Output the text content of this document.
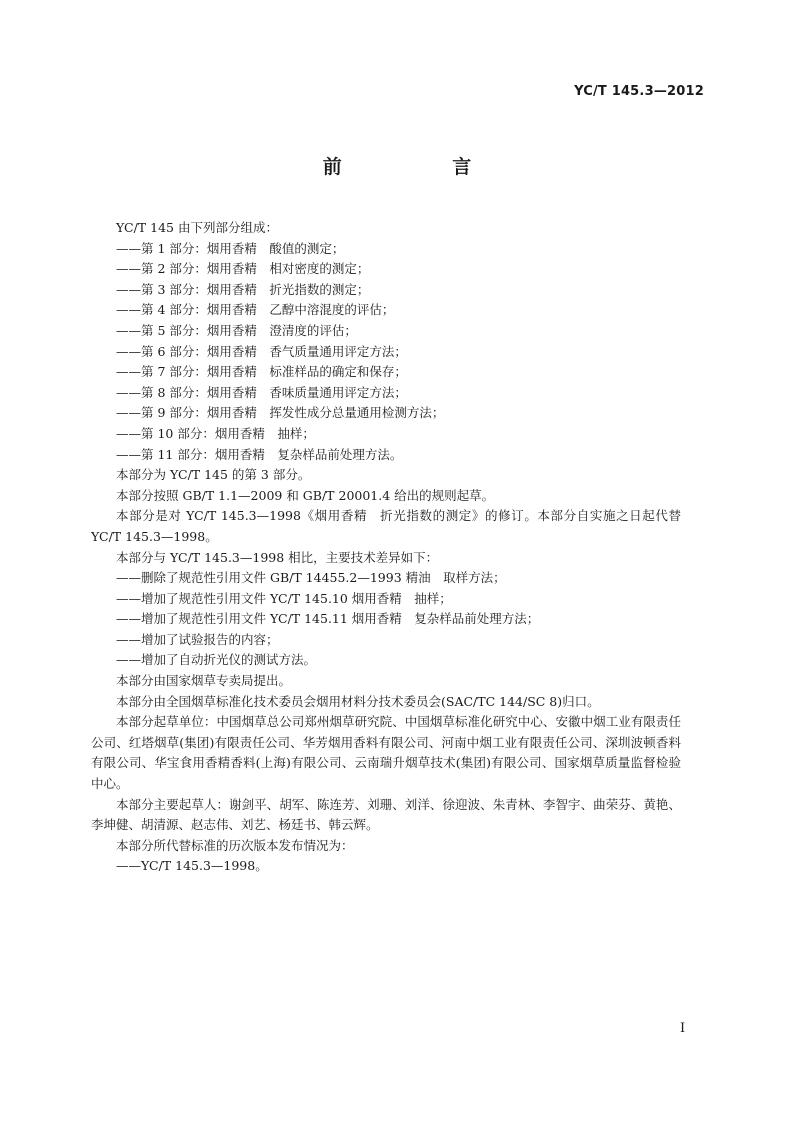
YC/T 145.3—2012
前 言

YC/T 145 由下列部分组成：

——第 1 部分：烟用香精　酸值的测定；

——第 2 部分：烟用香精　相对密度的测定；

——第 3 部分：烟用香精　折光指数的测定；

——第 4 部分：烟用香精　乙醇中溶混度的评估；

——第 5 部分：烟用香精　澄清度的评估；

——第 6 部分：烟用香精　香气质量通用评定方法；

——第 7 部分：烟用香精　标准样品的确定和保存；

——第 8 部分：烟用香精　香味质量通用评定方法；

——第 9 部分：烟用香精　挥发性成分总量通用检测方法；

——第 10 部分：烟用香精　抽样；

——第 11 部分：烟用香精　复杂样品前处理方法。

本部分为 YC/T 145 的第 3 部分。

本部分按照 GB/T 1.1—2009 和 GB/T 20001.4 给出的规则起草。

本部分是对 YC/T 145.3—1998《烟用香精　折光指数的测定》的修订。本部分自实施之日起代替 YC/T 145.3—1998。

本部分与 YC/T 145.3—1998 相比，主要技术差异如下：

——删除了规范性引用文件 GB/T 14455.2—1993 精油　取样方法；

——增加了规范性引用文件 YC/T 145.10 烟用香精　抽样；

——增加了规范性引用文件 YC/T 145.11 烟用香精　复杂样品前处理方法；

——增加了试验报告的内容；

——增加了自动折光仪的测试方法。

本部分由国家烟草专卖局提出。

本部分由全国烟草标准化技术委员会烟用材料分技术委员会(SAC/TC 144/SC 8)归口。

本部分起草单位：中国烟草总公司郑州烟草研究院、中国烟草标准化研究中心、安徽中烟工业有限责任公司、红塔烟草(集团)有限责任公司、华芳烟用香料有限公司、河南中烟工业有限责任公司、深圳波顿香料有限公司、华宝食用香精香料(上海)有限公司、云南瑞升烟草技术(集团)有限公司、国家烟草质量监督检验中心。

本部分主要起草人：谢剑平、胡军、陈连芳、刘珊、刘洋、徐迎波、朱青林、李智宇、曲荣芬、黄艳、李坤健、胡清源、赵志伟、刘艺、杨廷书、韩云辉。

本部分所代替标准的历次版本发布情况为：

——YC/T 145.3—1998。

I
